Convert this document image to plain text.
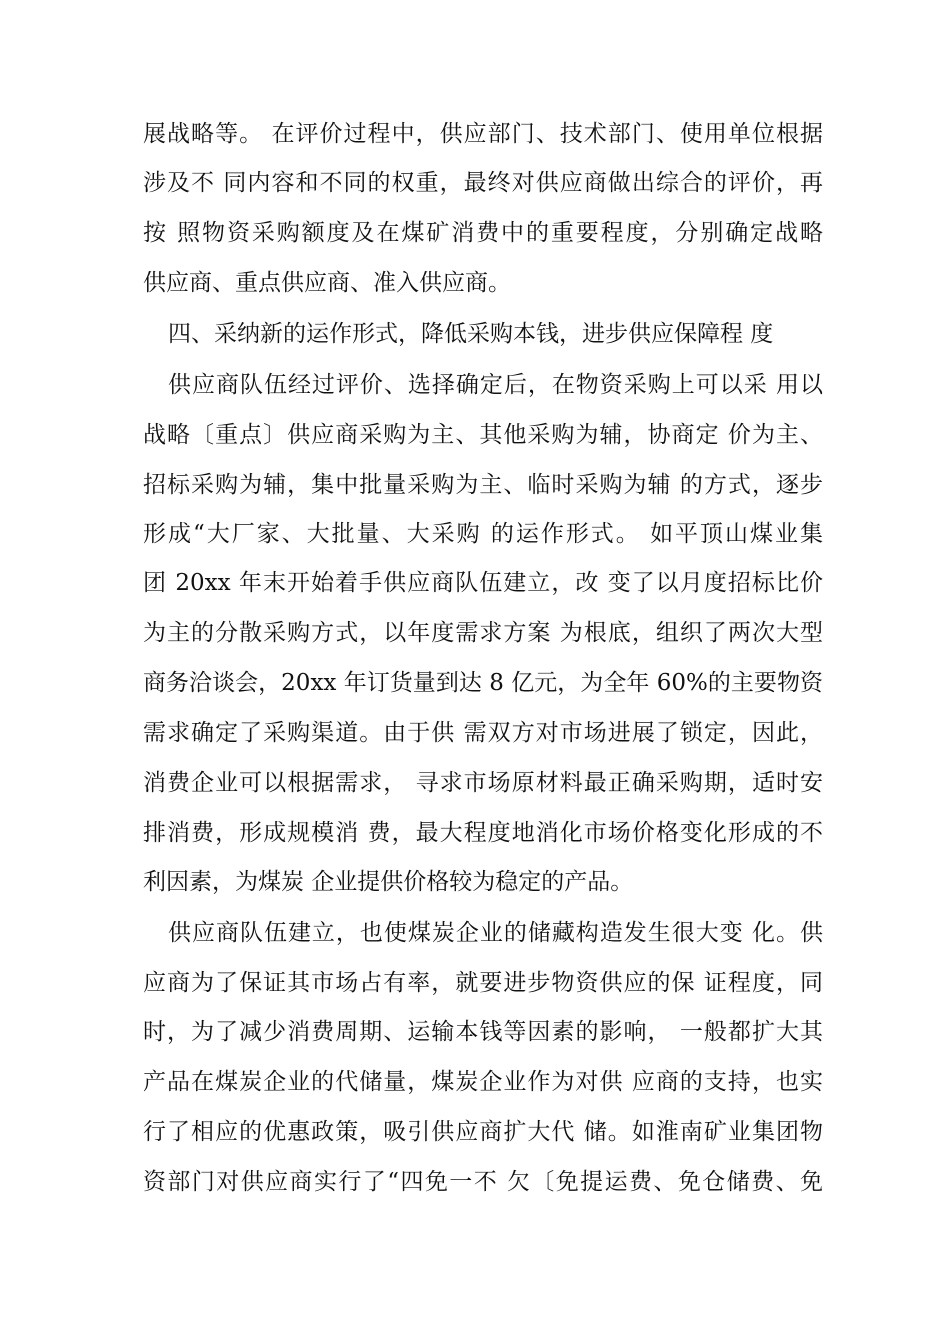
展战略等。 在评价过程中，供应部门、技术部门、使用单位根据
涉及不 同内容和不同的权重，最终对供应商做出综合的评价，再
按 照物资采购额度及在煤矿消费中的重要程度，分别确定战略
供应商、重点供应商、准入供应商。
四、采纳新的运作形式，降低采购本钱，进步供应保障程 度
供应商队伍经过评价、选择确定后，在物资采购上可以采 用以
战略〔重点〕供应商采购为主、其他采购为辅，协商定 价为主、
招标采购为辅，集中批量采购为主、临时采购为辅 的方式，逐步
形成“大厂家、大批量、大采购 的运作形式。 如平顶山煤业集
团 20xx 年末开始着手供应商队伍建立，改 变了以月度招标比价
为主的分散采购方式，以年度需求方案 为根底，组织了两次大型
商务洽谈会，20xx 年订货量到达 8 亿元，为全年 60%的主要物资
需求确定了采购渠道。由于供 需双方对市场进展了锁定，因此，
消费企业可以根据需求， 寻求市场原材料最正确采购期，适时安
排消费，形成规模消 费，最大程度地消化市场价格变化形成的不
利因素，为煤炭 企业提供价格较为稳定的产品。
供应商队伍建立，也使煤炭企业的储藏构造发生很大变 化。供
应商为了保证其市场占有率，就要进步物资供应的保 证程度，同
时，为了减少消费周期、运输本钱等因素的影响， 一般都扩大其
产品在煤炭企业的代储量，煤炭企业作为对供 应商的支持，也实
行了相应的优惠政策，吸引供应商扩大代 储。如淮南矿业集团物
资部门对供应商实行了“四免一不 欠〔免提运费、免仓储费、免
